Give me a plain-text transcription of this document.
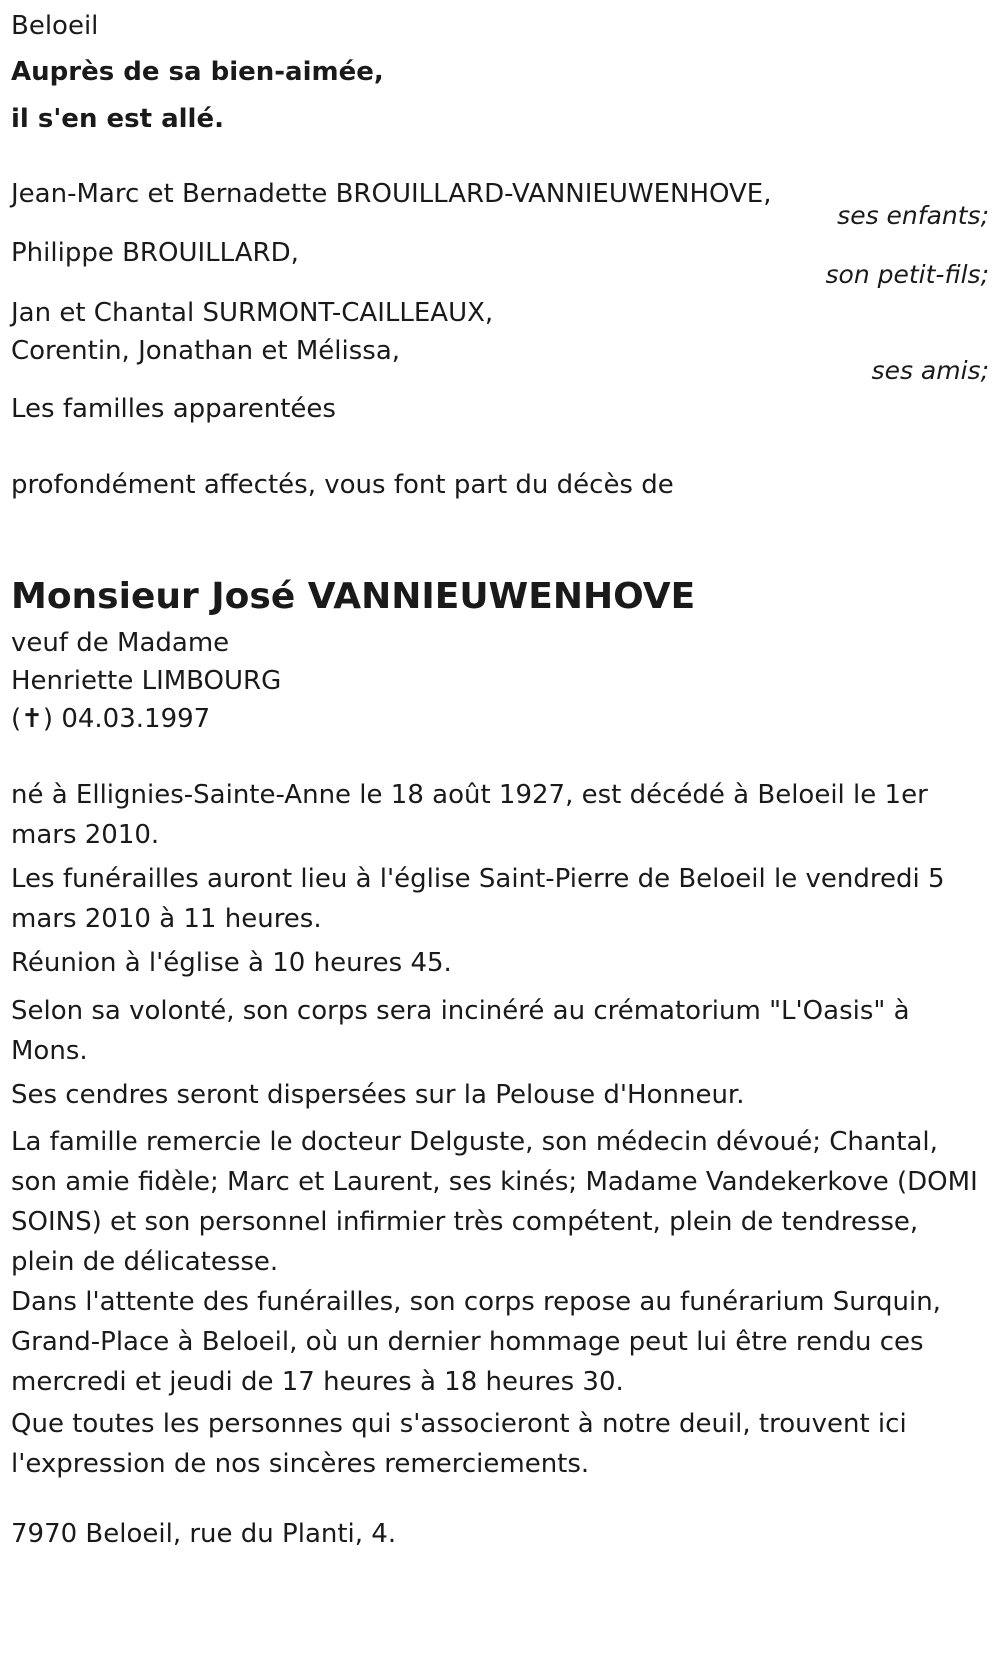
Beloeil
Auprès de sa bien-aimée,
il s'en est allé.
Jean-Marc et Bernadette BROUILLARD-VANNIEUWENHOVE,
ses enfants;
Philippe BROUILLARD,
son petit-fils;
Jan et Chantal SURMONT-CAILLEAUX,
Corentin, Jonathan et Mélissa,
ses amis;
Les familles apparentées
profondément affectés, vous font part du décès de
Monsieur José VANNIEUWENHOVE
veuf de Madame
Henriette LIMBOURG
(✝) 04.03.1997
né à Ellignies-Sainte-Anne le 18 août 1927, est décédé à Beloeil le 1er mars 2010.
Les funérailles auront lieu à l'église Saint-Pierre de Beloeil le vendredi 5 mars 2010 à 11 heures.
Réunion à l'église à 10 heures 45.
Selon sa volonté, son corps sera incinéré au crématorium "L'Oasis" à Mons.
Ses cendres seront dispersées sur la Pelouse d'Honneur.
La famille remercie le docteur Delguste, son médecin dévoué; Chantal, son amie fidèle; Marc et Laurent, ses kinés; Madame Vandekerkove (DOMI SOINS) et son personnel infirmier très compétent, plein de tendresse, plein de délicatesse.
Dans l'attente des funérailles, son corps repose au funérarium Surquin, Grand-Place à Beloeil, où un dernier hommage peut lui être rendu ces mercredi et jeudi de 17 heures à 18 heures 30.
Que toutes les personnes qui s'associeront à notre deuil, trouvent ici l'expression de nos sincères remerciements.
7970 Beloeil, rue du Planti, 4.
